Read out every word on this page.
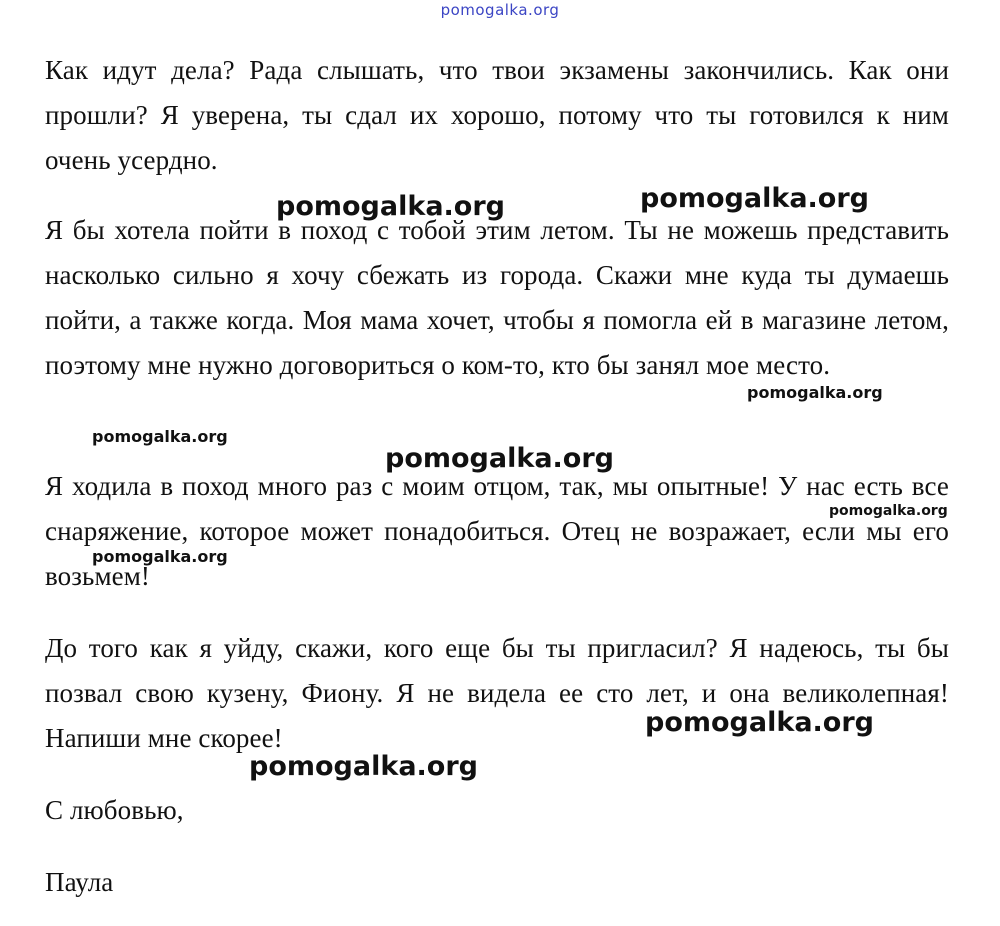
pomogalka.org

Как идут дела? Рада слышать, что твои экзамены закончились. Как они прошли? Я уверена, ты сдал их хорошо, потому что ты готовился к ним очень усердно.

Я бы хотела пойти в поход с тобой этим летом. Ты не можешь представить насколько сильно я хочу сбежать из города. Скажи мне куда ты думаешь пойти, а также когда. Моя мама хочет, чтобы я помогла ей в магазине летом, поэтому мне нужно договориться о ком-то, кто бы занял мое место.

Я ходила в поход много раз с моим отцом, так, мы опытные! У нас есть все снаряжение, которое может понадобиться. Отец не возражает, если мы его возьмем!

До того как я уйду, скажи, кого еще бы ты пригласил? Я надеюсь, ты бы позвал свою кузену, Фиону. Я не видела ее сто лет, и она великолепная! Напиши мне скорее!

С любовью,

Паула

pomogalka.org	pomogalka.org
pomogalka.org
pomogalka.org
pomogalka.org
pomogalka.org
pomogalka.org
pomogalka.org
pomogalka.org
